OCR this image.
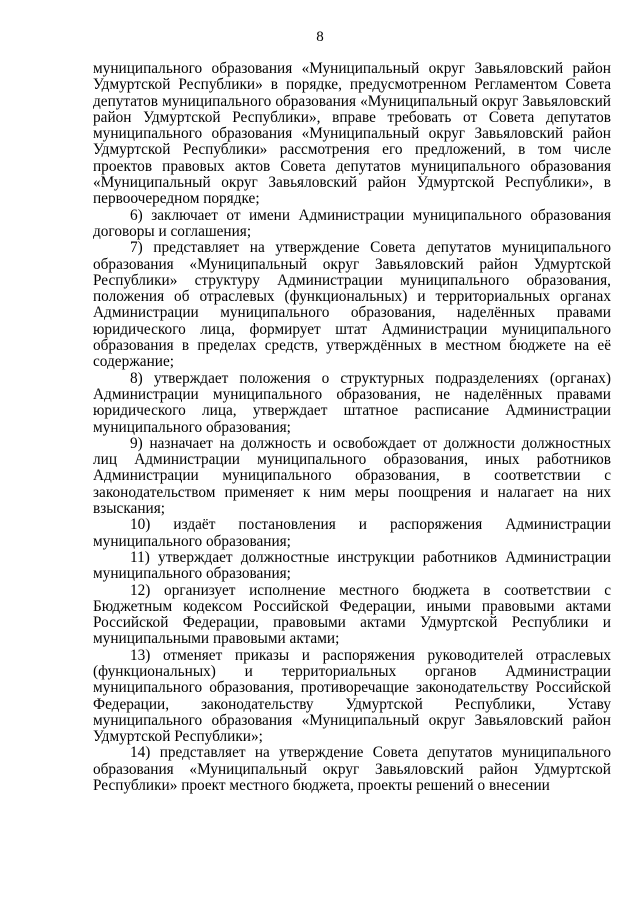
8

муниципального образования «Муниципальный округ Завьяловский район Удмуртской Республики» в порядке, предусмотренном Регламентом Совета депутатов муниципального образования «Муниципальный округ Завьяловский район Удмуртской Республики», вправе требовать от Совета депутатов муниципального образования «Муниципальный округ Завьяловский район Удмуртской Республики» рассмотрения его предложений, в том числе проектов правовых актов Совета депутатов муниципального образования «Муниципальный округ Завьяловский район Удмуртской Республики», в первоочередном порядке;

6) заключает от имени Администрации муниципального образования договоры и соглашения;

7) представляет на утверждение Совета депутатов муниципального образования «Муниципальный округ Завьяловский район Удмуртской Республики» структуру Администрации муниципального образования, положения об отраслевых (функциональных) и территориальных органах Администрации муниципального образования, наделённых правами юридического лица, формирует штат Администрации муниципального образования в пределах средств, утверждённых в местном бюджете на её содержание;

8) утверждает положения о структурных подразделениях (органах) Администрации муниципального образования, не наделённых правами юридического лица, утверждает штатное расписание Администрации муниципального образования;

9) назначает на должность и освобождает от должности должностных лиц Администрации муниципального образования, иных работников Администрации муниципального образования, в соответствии с законодательством применяет к ним меры поощрения и налагает на них взыскания;

10) издаёт постановления и распоряжения Администрации муниципального образования;

11) утверждает должностные инструкции работников Администрации муниципального образования;

12) организует исполнение местного бюджета в соответствии с Бюджетным кодексом Российской Федерации, иными правовыми актами Российской Федерации, правовыми актами Удмуртской Республики и муниципальными правовыми актами;

13) отменяет приказы и распоряжения руководителей отраслевых (функциональных) и территориальных органов Администрации муниципального образования, противоречащие законодательству Российской Федерации, законодательству Удмуртской Республики, Уставу муниципального образования «Муниципальный округ Завьяловский район Удмуртской Республики»;

14) представляет на утверждение Совета депутатов муниципального образования «Муниципальный округ Завьяловский район Удмуртской Республики» проект местного бюджета, проекты решений о внесении
